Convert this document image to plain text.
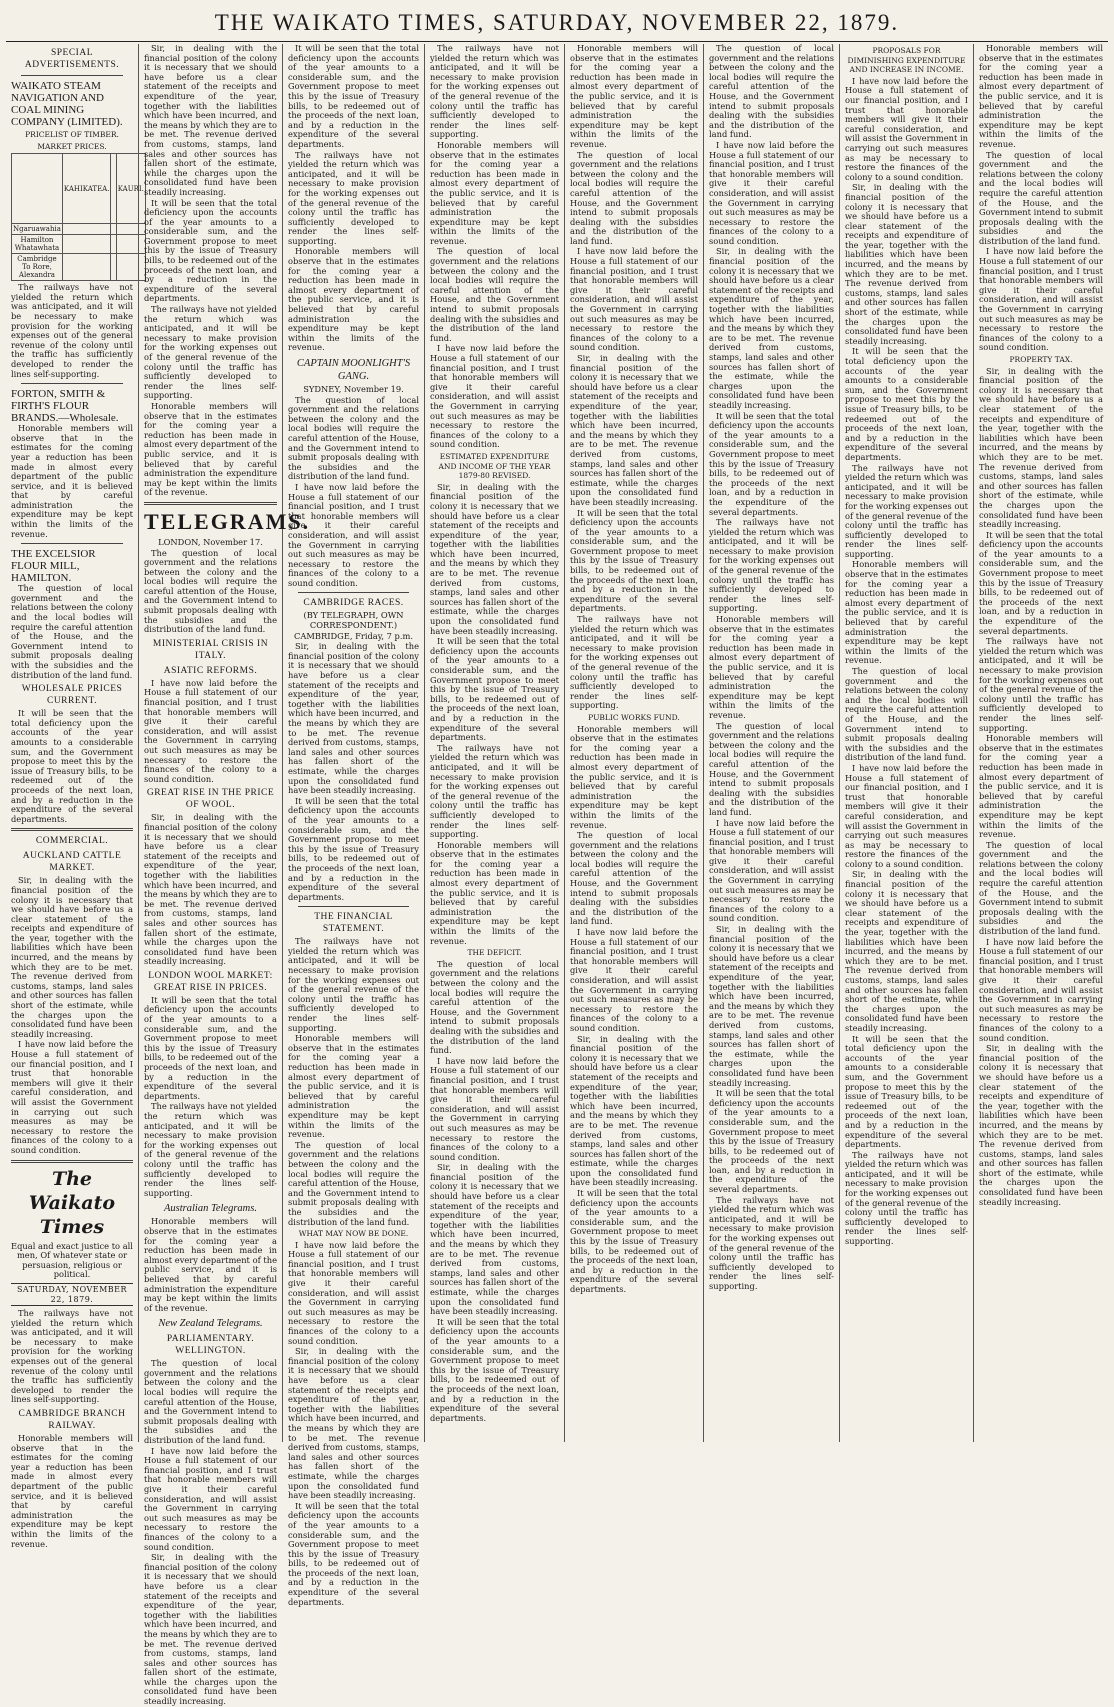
THE WAIKATO TIMES, SATURDAY, NOVEMBER 22, 1879.
SPECIAL ADVERTISEMENTS.
WAIKATO STEAM NAVIGATION AND COAL MINING COMPANY (LIMITED).
PRICELIST OF TIMBER.
MARKET PRICES.
	KAHIKATEA.		KAURI.
Ngaruawahia			
Hamilton Whatawhata			
Cambridge To Rore, Alexandra			

The railways have not yielded the return which was anticipated, and it will be necessary to make provision for the working expenses out of the general revenue of the colony until the traffic has sufficiently developed to render the lines self-supporting.

FORTON, SMITH & FIRTH'S FLOUR BRANDS.—Wholesale.

Honorable members will observe that in the estimates for the coming year a reduction has been made in almost every department of the public service, and it is believed that by careful administration the expenditure may be kept within the limits of the revenue.

THE EXCELSIOR FLOUR MILL, HAMILTON.

The question of local government and the relations between the colony and the local bodies will require the careful attention of the House, and the Government intend to submit proposals dealing with the subsidies and the distribution of the land fund.

WHOLESALE PRICES CURRENT.

It will be seen that the total deficiency upon the accounts of the year amounts to a considerable sum, and the Government propose to meet this by the issue of Treasury bills, to be redeemed out of the proceeds of the next loan, and by a reduction in the expenditure of the several departments.

COMMERCIAL.
AUCKLAND CATTLE MARKET.

Sir, in dealing with the financial position of the colony it is necessary that we should have before us a clear statement of the receipts and expenditure of the year, together with the liabilities which have been incurred, and the means by which they are to be met. The revenue derived from customs, stamps, land sales and other sources has fallen short of the estimate, while the charges upon the consolidated fund have been steadily increasing.

I have now laid before the House a full statement of our financial position, and I trust that honorable members will give it their careful consideration, and will assist the Government in carrying out such measures as may be necessary to restore the finances of the colony to a sound condition.

The Waikato Times

Equal and exact justice to all men, Of whatever state or persuasion, religious or political.

SATURDAY, NOVEMBER 22, 1879.

The railways have not yielded the return which was anticipated, and it will be necessary to make provision for the working expenses out of the general revenue of the colony until the traffic has sufficiently developed to render the lines self-supporting.

CAMBRIDGE BRANCH RAILWAY.

Honorable members will observe that in the estimates for the coming year a reduction has been made in almost every department of the public service, and it is believed that by careful administration the expenditure may be kept within the limits of the revenue.

Sir, in dealing with the financial position of the colony it is necessary that we should have before us a clear statement of the receipts and expenditure of the year, together with the liabilities which have been incurred, and the means by which they are to be met. The revenue derived from customs, stamps, land sales and other sources has fallen short of the estimate, while the charges upon the consolidated fund have been steadily increasing.

It will be seen that the total deficiency upon the accounts of the year amounts to a considerable sum, and the Government propose to meet this by the issue of Treasury bills, to be redeemed out of the proceeds of the next loan, and by a reduction in the expenditure of the several departments.

The railways have not yielded the return which was anticipated, and it will be necessary to make provision for the working expenses out of the general revenue of the colony until the traffic has sufficiently developed to render the lines self-supporting.

Honorable members will observe that in the estimates for the coming year a reduction has been made in almost every department of the public service, and it is believed that by careful administration the expenditure may be kept within the limits of the revenue.

TELEGRAMS.

LONDON, November 17.

The question of local government and the relations between the colony and the local bodies will require the careful attention of the House, and the Government intend to submit proposals dealing with the subsidies and the distribution of the land fund.

MINISTERIAL CRISIS IN ITALY.
ASIATIC REFORMS.

I have now laid before the House a full statement of our financial position, and I trust that honorable members will give it their careful consideration, and will assist the Government in carrying out such measures as may be necessary to restore the finances of the colony to a sound condition.

GREAT RISE IN THE PRICE OF WOOL.

Sir, in dealing with the financial position of the colony it is necessary that we should have before us a clear statement of the receipts and expenditure of the year, together with the liabilities which have been incurred, and the means by which they are to be met. The revenue derived from customs, stamps, land sales and other sources has fallen short of the estimate, while the charges upon the consolidated fund have been steadily increasing.

LONDON WOOL MARKET: GREAT RISE IN PRICES.

It will be seen that the total deficiency upon the accounts of the year amounts to a considerable sum, and the Government propose to meet this by the issue of Treasury bills, to be redeemed out of the proceeds of the next loan, and by a reduction in the expenditure of the several departments.

The railways have not yielded the return which was anticipated, and it will be necessary to make provision for the working expenses out of the general revenue of the colony until the traffic has sufficiently developed to render the lines self-supporting.

Australian Telegrams.

Honorable members will observe that in the estimates for the coming year a reduction has been made in almost every department of the public service, and it is believed that by careful administration the expenditure may be kept within the limits of the revenue.

New Zealand Telegrams.
PARLIAMENTARY. WELLINGTON.

The question of local government and the relations between the colony and the local bodies will require the careful attention of the House, and the Government intend to submit proposals dealing with the subsidies and the distribution of the land fund.

I have now laid before the House a full statement of our financial position, and I trust that honorable members will give it their careful consideration, and will assist the Government in carrying out such measures as may be necessary to restore the finances of the colony to a sound condition.

Sir, in dealing with the financial position of the colony it is necessary that we should have before us a clear statement of the receipts and expenditure of the year, together with the liabilities which have been incurred, and the means by which they are to be met. The revenue derived from customs, stamps, land sales and other sources has fallen short of the estimate, while the charges upon the consolidated fund have been steadily increasing.

It will be seen that the total deficiency upon the accounts of the year amounts to a considerable sum, and the Government propose to meet this by the issue of Treasury bills, to be redeemed out of the proceeds of the next loan, and by a reduction in the expenditure of the several departments.

The railways have not yielded the return which was anticipated, and it will be necessary to make provision for the working expenses out of the general revenue of the colony until the traffic has sufficiently developed to render the lines self-supporting.

Honorable members will observe that in the estimates for the coming year a reduction has been made in almost every department of the public service, and it is believed that by careful administration the expenditure may be kept within the limits of the revenue.

CAPTAIN MOONLIGHT'S GANG.

SYDNEY, November 19.

The question of local government and the relations between the colony and the local bodies will require the careful attention of the House, and the Government intend to submit proposals dealing with the subsidies and the distribution of the land fund.

I have now laid before the House a full statement of our financial position, and I trust that honorable members will give it their careful consideration, and will assist the Government in carrying out such measures as may be necessary to restore the finances of the colony to a sound condition.

CAMBRIDGE RACES.

(BY TELEGRAPH, OWN CORRESPONDENT.)

CAMBRIDGE, Friday, 7 p.m.

Sir, in dealing with the financial position of the colony it is necessary that we should have before us a clear statement of the receipts and expenditure of the year, together with the liabilities which have been incurred, and the means by which they are to be met. The revenue derived from customs, stamps, land sales and other sources has fallen short of the estimate, while the charges upon the consolidated fund have been steadily increasing.

It will be seen that the total deficiency upon the accounts of the year amounts to a considerable sum, and the Government propose to meet this by the issue of Treasury bills, to be redeemed out of the proceeds of the next loan, and by a reduction in the expenditure of the several departments.

THE FINANCIAL STATEMENT.

The railways have not yielded the return which was anticipated, and it will be necessary to make provision for the working expenses out of the general revenue of the colony until the traffic has sufficiently developed to render the lines self-supporting.

Honorable members will observe that in the estimates for the coming year a reduction has been made in almost every department of the public service, and it is believed that by careful administration the expenditure may be kept within the limits of the revenue.

The question of local government and the relations between the colony and the local bodies will require the careful attention of the House, and the Government intend to submit proposals dealing with the subsidies and the distribution of the land fund.

WHAT MAY NOW BE DONE.

I have now laid before the House a full statement of our financial position, and I trust that honorable members will give it their careful consideration, and will assist the Government in carrying out such measures as may be necessary to restore the finances of the colony to a sound condition.

Sir, in dealing with the financial position of the colony it is necessary that we should have before us a clear statement of the receipts and expenditure of the year, together with the liabilities which have been incurred, and the means by which they are to be met. The revenue derived from customs, stamps, land sales and other sources has fallen short of the estimate, while the charges upon the consolidated fund have been steadily increasing.

It will be seen that the total deficiency upon the accounts of the year amounts to a considerable sum, and the Government propose to meet this by the issue of Treasury bills, to be redeemed out of the proceeds of the next loan, and by a reduction in the expenditure of the several departments.

The railways have not yielded the return which was anticipated, and it will be necessary to make provision for the working expenses out of the general revenue of the colony until the traffic has sufficiently developed to render the lines self-supporting.

Honorable members will observe that in the estimates for the coming year a reduction has been made in almost every department of the public service, and it is believed that by careful administration the expenditure may be kept within the limits of the revenue.

The question of local government and the relations between the colony and the local bodies will require the careful attention of the House, and the Government intend to submit proposals dealing with the subsidies and the distribution of the land fund.

I have now laid before the House a full statement of our financial position, and I trust that honorable members will give it their careful consideration, and will assist the Government in carrying out such measures as may be necessary to restore the finances of the colony to a sound condition.

ESTIMATED EXPENDITURE AND INCOME OF THE YEAR 1879-80 REVISED.

Sir, in dealing with the financial position of the colony it is necessary that we should have before us a clear statement of the receipts and expenditure of the year, together with the liabilities which have been incurred, and the means by which they are to be met. The revenue derived from customs, stamps, land sales and other sources has fallen short of the estimate, while the charges upon the consolidated fund have been steadily increasing.

It will be seen that the total deficiency upon the accounts of the year amounts to a considerable sum, and the Government propose to meet this by the issue of Treasury bills, to be redeemed out of the proceeds of the next loan, and by a reduction in the expenditure of the several departments.

The railways have not yielded the return which was anticipated, and it will be necessary to make provision for the working expenses out of the general revenue of the colony until the traffic has sufficiently developed to render the lines self-supporting.

Honorable members will observe that in the estimates for the coming year a reduction has been made in almost every department of the public service, and it is believed that by careful administration the expenditure may be kept within the limits of the revenue.

THE DEFICIT.

The question of local government and the relations between the colony and the local bodies will require the careful attention of the House, and the Government intend to submit proposals dealing with the subsidies and the distribution of the land fund.

I have now laid before the House a full statement of our financial position, and I trust that honorable members will give it their careful consideration, and will assist the Government in carrying out such measures as may be necessary to restore the finances of the colony to a sound condition.

Sir, in dealing with the financial position of the colony it is necessary that we should have before us a clear statement of the receipts and expenditure of the year, together with the liabilities which have been incurred, and the means by which they are to be met. The revenue derived from customs, stamps, land sales and other sources has fallen short of the estimate, while the charges upon the consolidated fund have been steadily increasing.

It will be seen that the total deficiency upon the accounts of the year amounts to a considerable sum, and the Government propose to meet this by the issue of Treasury bills, to be redeemed out of the proceeds of the next loan, and by a reduction in the expenditure of the several departments.

Honorable members will observe that in the estimates for the coming year a reduction has been made in almost every department of the public service, and it is believed that by careful administration the expenditure may be kept within the limits of the revenue.

The question of local government and the relations between the colony and the local bodies will require the careful attention of the House, and the Government intend to submit proposals dealing with the subsidies and the distribution of the land fund.

I have now laid before the House a full statement of our financial position, and I trust that honorable members will give it their careful consideration, and will assist the Government in carrying out such measures as may be necessary to restore the finances of the colony to a sound condition.

Sir, in dealing with the financial position of the colony it is necessary that we should have before us a clear statement of the receipts and expenditure of the year, together with the liabilities which have been incurred, and the means by which they are to be met. The revenue derived from customs, stamps, land sales and other sources has fallen short of the estimate, while the charges upon the consolidated fund have been steadily increasing.

It will be seen that the total deficiency upon the accounts of the year amounts to a considerable sum, and the Government propose to meet this by the issue of Treasury bills, to be redeemed out of the proceeds of the next loan, and by a reduction in the expenditure of the several departments.

The railways have not yielded the return which was anticipated, and it will be necessary to make provision for the working expenses out of the general revenue of the colony until the traffic has sufficiently developed to render the lines self-supporting.

PUBLIC WORKS FUND.

Honorable members will observe that in the estimates for the coming year a reduction has been made in almost every department of the public service, and it is believed that by careful administration the expenditure may be kept within the limits of the revenue.

The question of local government and the relations between the colony and the local bodies will require the careful attention of the House, and the Government intend to submit proposals dealing with the subsidies and the distribution of the land fund.

I have now laid before the House a full statement of our financial position, and I trust that honorable members will give it their careful consideration, and will assist the Government in carrying out such measures as may be necessary to restore the finances of the colony to a sound condition.

Sir, in dealing with the financial position of the colony it is necessary that we should have before us a clear statement of the receipts and expenditure of the year, together with the liabilities which have been incurred, and the means by which they are to be met. The revenue derived from customs, stamps, land sales and other sources has fallen short of the estimate, while the charges upon the consolidated fund have been steadily increasing.

It will be seen that the total deficiency upon the accounts of the year amounts to a considerable sum, and the Government propose to meet this by the issue of Treasury bills, to be redeemed out of the proceeds of the next loan, and by a reduction in the expenditure of the several departments.

The question of local government and the relations between the colony and the local bodies will require the careful attention of the House, and the Government intend to submit proposals dealing with the subsidies and the distribution of the land fund.

I have now laid before the House a full statement of our financial position, and I trust that honorable members will give it their careful consideration, and will assist the Government in carrying out such measures as may be necessary to restore the finances of the colony to a sound condition.

Sir, in dealing with the financial position of the colony it is necessary that we should have before us a clear statement of the receipts and expenditure of the year, together with the liabilities which have been incurred, and the means by which they are to be met. The revenue derived from customs, stamps, land sales and other sources has fallen short of the estimate, while the charges upon the consolidated fund have been steadily increasing.

It will be seen that the total deficiency upon the accounts of the year amounts to a considerable sum, and the Government propose to meet this by the issue of Treasury bills, to be redeemed out of the proceeds of the next loan, and by a reduction in the expenditure of the several departments.

The railways have not yielded the return which was anticipated, and it will be necessary to make provision for the working expenses out of the general revenue of the colony until the traffic has sufficiently developed to render the lines self-supporting.

Honorable members will observe that in the estimates for the coming year a reduction has been made in almost every department of the public service, and it is believed that by careful administration the expenditure may be kept within the limits of the revenue.

The question of local government and the relations between the colony and the local bodies will require the careful attention of the House, and the Government intend to submit proposals dealing with the subsidies and the distribution of the land fund.

I have now laid before the House a full statement of our financial position, and I trust that honorable members will give it their careful consideration, and will assist the Government in carrying out such measures as may be necessary to restore the finances of the colony to a sound condition.

Sir, in dealing with the financial position of the colony it is necessary that we should have before us a clear statement of the receipts and expenditure of the year, together with the liabilities which have been incurred, and the means by which they are to be met. The revenue derived from customs, stamps, land sales and other sources has fallen short of the estimate, while the charges upon the consolidated fund have been steadily increasing.

It will be seen that the total deficiency upon the accounts of the year amounts to a considerable sum, and the Government propose to meet this by the issue of Treasury bills, to be redeemed out of the proceeds of the next loan, and by a reduction in the expenditure of the several departments.

The railways have not yielded the return which was anticipated, and it will be necessary to make provision for the working expenses out of the general revenue of the colony until the traffic has sufficiently developed to render the lines self-supporting.

PROPOSALS FOR DIMINISHING EXPENDITURE AND INCREASE IN INCOME.

I have now laid before the House a full statement of our financial position, and I trust that honorable members will give it their careful consideration, and will assist the Government in carrying out such measures as may be necessary to restore the finances of the colony to a sound condition.

Sir, in dealing with the financial position of the colony it is necessary that we should have before us a clear statement of the receipts and expenditure of the year, together with the liabilities which have been incurred, and the means by which they are to be met. The revenue derived from customs, stamps, land sales and other sources has fallen short of the estimate, while the charges upon the consolidated fund have been steadily increasing.

It will be seen that the total deficiency upon the accounts of the year amounts to a considerable sum, and the Government propose to meet this by the issue of Treasury bills, to be redeemed out of the proceeds of the next loan, and by a reduction in the expenditure of the several departments.

The railways have not yielded the return which was anticipated, and it will be necessary to make provision for the working expenses out of the general revenue of the colony until the traffic has sufficiently developed to render the lines self-supporting.

Honorable members will observe that in the estimates for the coming year a reduction has been made in almost every department of the public service, and it is believed that by careful administration the expenditure may be kept within the limits of the revenue.

The question of local government and the relations between the colony and the local bodies will require the careful attention of the House, and the Government intend to submit proposals dealing with the subsidies and the distribution of the land fund.

I have now laid before the House a full statement of our financial position, and I trust that honorable members will give it their careful consideration, and will assist the Government in carrying out such measures as may be necessary to restore the finances of the colony to a sound condition.

Sir, in dealing with the financial position of the colony it is necessary that we should have before us a clear statement of the receipts and expenditure of the year, together with the liabilities which have been incurred, and the means by which they are to be met. The revenue derived from customs, stamps, land sales and other sources has fallen short of the estimate, while the charges upon the consolidated fund have been steadily increasing.

It will be seen that the total deficiency upon the accounts of the year amounts to a considerable sum, and the Government propose to meet this by the issue of Treasury bills, to be redeemed out of the proceeds of the next loan, and by a reduction in the expenditure of the several departments.

The railways have not yielded the return which was anticipated, and it will be necessary to make provision for the working expenses out of the general revenue of the colony until the traffic has sufficiently developed to render the lines self-supporting.

Honorable members will observe that in the estimates for the coming year a reduction has been made in almost every department of the public service, and it is believed that by careful administration the expenditure may be kept within the limits of the revenue.

The question of local government and the relations between the colony and the local bodies will require the careful attention of the House, and the Government intend to submit proposals dealing with the subsidies and the distribution of the land fund.

I have now laid before the House a full statement of our financial position, and I trust that honorable members will give it their careful consideration, and will assist the Government in carrying out such measures as may be necessary to restore the finances of the colony to a sound condition.

PROPERTY TAX.

Sir, in dealing with the financial position of the colony it is necessary that we should have before us a clear statement of the receipts and expenditure of the year, together with the liabilities which have been incurred, and the means by which they are to be met. The revenue derived from customs, stamps, land sales and other sources has fallen short of the estimate, while the charges upon the consolidated fund have been steadily increasing.

It will be seen that the total deficiency upon the accounts of the year amounts to a considerable sum, and the Government propose to meet this by the issue of Treasury bills, to be redeemed out of the proceeds of the next loan, and by a reduction in the expenditure of the several departments.

The railways have not yielded the return which was anticipated, and it will be necessary to make provision for the working expenses out of the general revenue of the colony until the traffic has sufficiently developed to render the lines self-supporting.

Honorable members will observe that in the estimates for the coming year a reduction has been made in almost every department of the public service, and it is believed that by careful administration the expenditure may be kept within the limits of the revenue.

The question of local government and the relations between the colony and the local bodies will require the careful attention of the House, and the Government intend to submit proposals dealing with the subsidies and the distribution of the land fund.

I have now laid before the House a full statement of our financial position, and I trust that honorable members will give it their careful consideration, and will assist the Government in carrying out such measures as may be necessary to restore the finances of the colony to a sound condition.

Sir, in dealing with the financial position of the colony it is necessary that we should have before us a clear statement of the receipts and expenditure of the year, together with the liabilities which have been incurred, and the means by which they are to be met. The revenue derived from customs, stamps, land sales and other sources has fallen short of the estimate, while the charges upon the consolidated fund have been steadily increasing.
